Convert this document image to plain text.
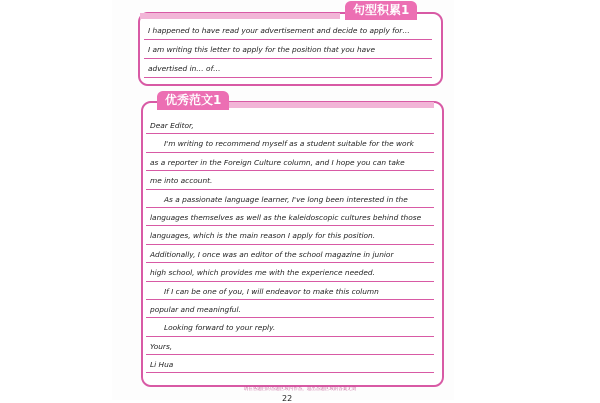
句型积累1
I happened to have read your advertisement and decide to apply for…
I am writing this letter to apply for the position that you have
advertised in… of…
优秀范文1
Dear Editor,
I'm writing to recommend myself as a student suitable for the work
as a reporter in the Foreign Culture column, and I hope you can take
me into account.
As a passionate language learner, I've long been interested in the
languages themselves as well as the kaleidoscopic cultures behind those
languages, which is the main reason I apply for this position.
Additionally, I once was an editor of the school magazine in junior
high school, which provides me with the experience needed.
If I can be one of you, I will endeavor to make this column
popular and meaningful.
Looking forward to your reply.
Yours,
Li Hua
请在各题目的答题区域内作答，超出答题区域的答案无效
22
